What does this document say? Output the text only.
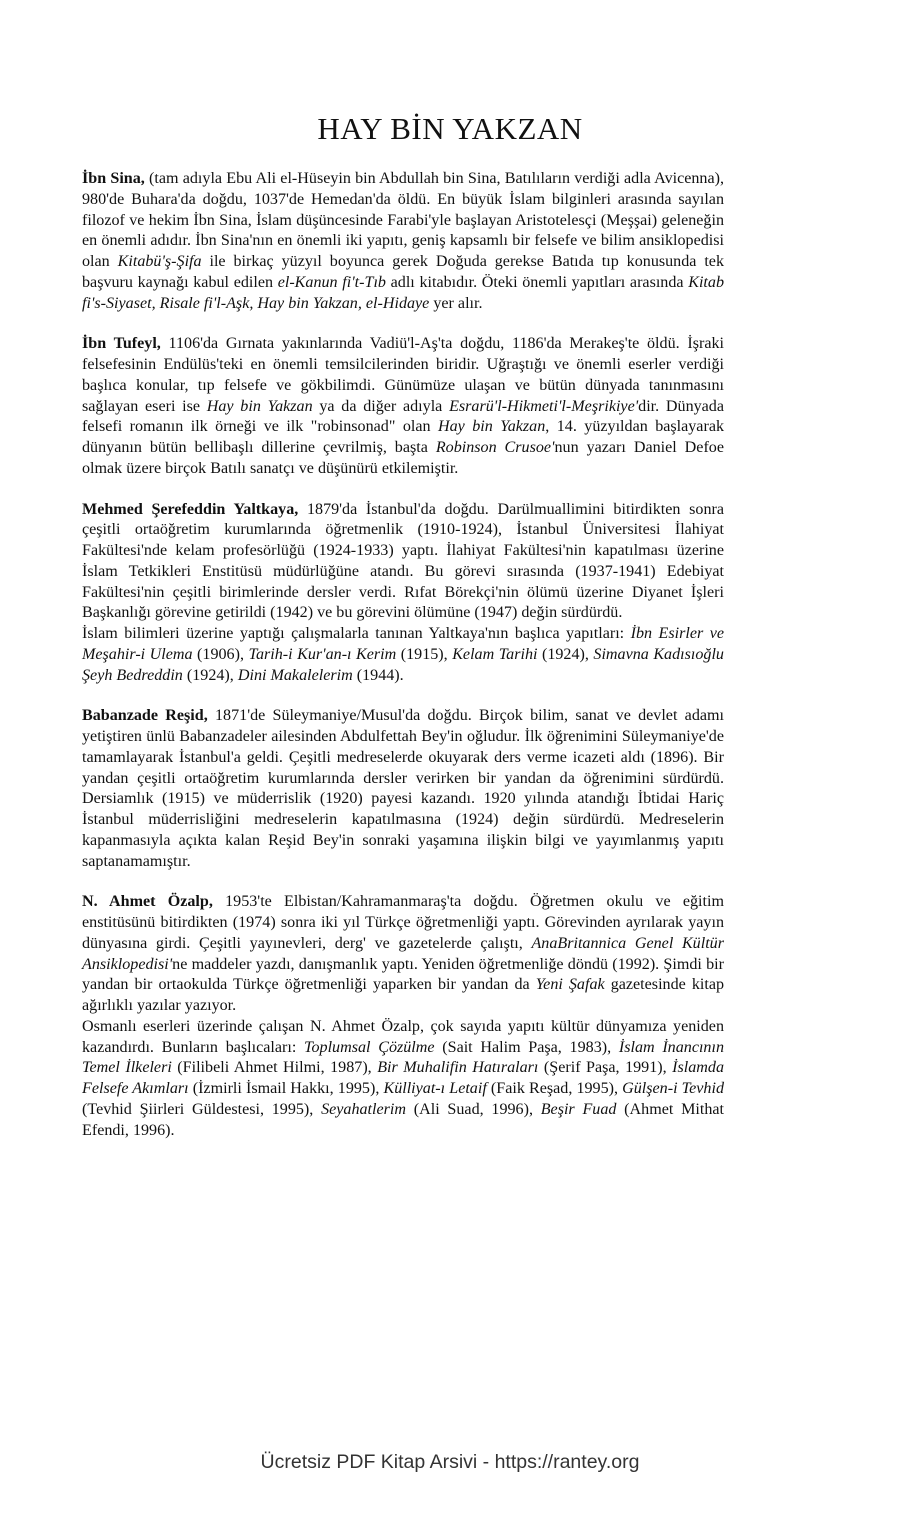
HAY BİN YAKZAN

İbn Sina, (tam adıyla Ebu Ali el-Hüseyin bin Abdullah bin Sina, Batılıların verdiği adla Avicenna), 980'de Buhara'da doğdu, 1037'de Hemedan'da öldü. En büyük İslam bilginleri arasında sayılan filozof ve hekim İbn Sina, İslam düşüncesinde Farabi'yle başlayan Aristotelesçi (Meşşai) geleneğin en önemli adıdır. İbn Sina'nın en önemli iki yapıtı, geniş kapsamlı bir felsefe ve bilim ansiklopedisi olan Kitabü'ş-Şifa ile birkaç yüzyıl boyunca gerek Doğuda gerekse Batıda tıp konusunda tek başvuru kaynağı kabul edilen el-Kanun fi't-Tıb adlı kitabıdır. Öteki önemli yapıtları arasında Kitab fi's-Siyaset, Risale fi'l-Aşk, Hay bin Yakzan, el-Hidaye yer alır.

İbn Tufeyl, 1106'da Gırnata yakınlarında Vadiü'l-Aş'ta doğdu, 1186'da Merakeş'te öldü. İşraki felsefesinin Endülüs'teki en önemli temsilcilerinden biridir. Uğraştığı ve önemli eserler verdiği başlıca konular, tıp felsefe ve gökbilimdi. Günümüze ulaşan ve bütün dünyada tanınmasını sağlayan eseri ise Hay bin Yakzan ya da diğer adıyla Esrarü'l-Hikmeti'l-Meşrikiye'dir. Dünyada felsefi romanın ilk örneği ve ilk "robinsonad" olan Hay bin Yakzan, 14. yüzyıldan başlayarak dünyanın bütün bellibaşlı dillerine çevrilmiş, başta Robinson Crusoe'nun yazarı Daniel Defoe olmak üzere birçok Batılı sanatçı ve düşünürü etkilemiştir.

Mehmed Şerefeddin Yaltkaya, 1879'da İstanbul'da doğdu. Darülmuallimini bitirdikten sonra çeşitli ortaöğretim kurumlarında öğretmenlik (1910-1924), İstanbul Üniversitesi İlahiyat Fakültesi'nde kelam profesörlüğü (1924-1933) yaptı. İlahiyat Fakültesi'nin kapatılması üzerine İslam Tetkikleri Enstitüsü müdürlüğüne atandı. Bu görevi sırasında (1937-1941) Edebiyat Fakültesi'nin çeşitli birimlerinde dersler verdi. Rıfat Börekçi'nin ölümü üzerine Diyanet İşleri Başkanlığı görevine getirildi (1942) ve bu görevini ölümüne (1947) değin sürdürdü.

İslam bilimleri üzerine yaptığı çalışmalarla tanınan Yaltkaya'nın başlıca yapıtları: İbn Esirler ve Meşahir-i Ulema (1906), Tarih-i Kur'an-ı Kerim (1915), Kelam Tarihi (1924), Simavna Kadısıoğlu Şeyh Bedreddin (1924), Dini Makalelerim (1944).

Babanzade Reşid, 1871'de Süleymaniye/Musul'da doğdu. Birçok bilim, sanat ve devlet adamı yetiştiren ünlü Babanzadeler ailesinden Abdulfettah Bey'in oğludur. İlk öğrenimini Süleymaniye'de tamamlayarak İstanbul'a geldi. Çeşitli medreselerde okuyarak ders verme icazeti aldı (1896). Bir yandan çeşitli ortaöğretim kurumlarında dersler verirken bir yandan da öğrenimini sürdürdü. Dersiamlık (1915) ve müderrislik (1920) payesi kazandı. 1920 yılında atandığı İbtidai Hariç İstanbul müderrisliğini medreselerin kapatılmasına (1924) değin sürdürdü. Medreselerin kapanmasıyla açıkta kalan Reşid Bey'in sonraki yaşamına ilişkin bilgi ve yayımlanmış yapıtı saptanamamıştır.

N. Ahmet Özalp, 1953'te Elbistan/Kahramanmaraş'ta doğdu. Öğretmen okulu ve eğitim enstitüsünü bitirdikten (1974) sonra iki yıl Türkçe öğretmenliği yaptı. Görevinden ayrılarak yayın dünyasına girdi. Çeşitli yayınevleri, derg' ve gazetelerde çalıştı, AnaBritannica Genel Kültür Ansiklopedisi'ne maddeler yazdı, danışmanlık yaptı. Yeniden öğretmenliğe döndü (1992). Şimdi bir yandan bir ortaokulda Türkçe öğretmenliği yaparken bir yandan da Yeni Şafak gazetesinde kitap ağırlıklı yazılar yazıyor.

Osmanlı eserleri üzerinde çalışan N. Ahmet Özalp, çok sayıda yapıtı kültür dünyamıza yeniden kazandırdı. Bunların başlıcaları: Toplumsal Çözülme (Sait Halim Paşa, 1983), İslam İnancının Temel İlkeleri (Filibeli Ahmet Hilmi, 1987), Bir Muhalifin Hatıraları (Şerif Paşa, 1991), İslamda Felsefe Akımları (İzmirli İsmail Hakkı, 1995), Külliyat-ı Letaif (Faik Reşad, 1995), Gülşen-i Tevhid (Tevhid Şiirleri Güldestesi, 1995), Seyahatlerim (Ali Suad, 1996), Beşir Fuad (Ahmet Mithat Efendi, 1996).

Ücretsiz PDF Kitap Arsivi - https://rantey.org
